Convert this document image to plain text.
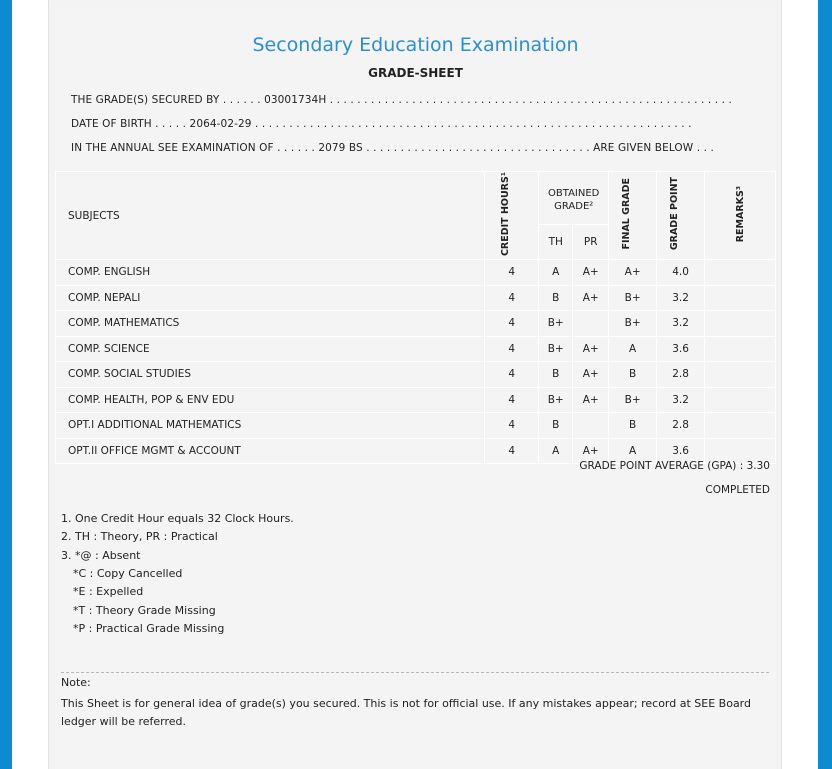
Secondary Education Examination
GRADE-SHEET
THE GRADE(S) SECURED BY . . . . . . 03001734H . . . . . . . . . . . . . . . . . . . . . . . . . . . . . . . . . . . . . . . . . . . . . . . . . . . . . . . . . . .
DATE OF BIRTH . . . . . 2064-02-29 . . . . . . . . . . . . . . . . . . . . . . . . . . . . . . . . . . . . . . . . . . . . . . . . . . . . . . . . . . . . . . . .
IN THE ANNUAL SEE EXAMINATION OF . . . . . . 2079 BS . . . . . . . . . . . . . . . . . . . . . . . . . . . . . . . . . ARE GIVEN BELOW . . .
SUBJECTS	CREDIT HOURS¹	OBTAINED GRADE²		FINAL GRADE	GRADE POINT	REMARKS³
		TH	PR			
COMP. ENGLISH	4	A	A+	A+	4.0	
COMP. NEPALI	4	B	A+	B+	3.2	
COMP. MATHEMATICS	4	B+		B+	3.2	
COMP. SCIENCE	4	B+	A+	A	3.6	
COMP. SOCIAL STUDIES	4	B	A+	B	2.8	
COMP. HEALTH, POP & ENV EDU	4	B+	A+	B+	3.2	
OPT.I ADDITIONAL MATHEMATICS	4	B		B	2.8	
OPT.II OFFICE MGMT & ACCOUNT	4	A	A+	A	3.6	
GRADE POINT AVERAGE (GPA) : 3.30
COMPLETED
1. One Credit Hour equals 32 Clock Hours.
2. TH : Theory, PR : Practical
3. *@ : Absent
*C : Copy Cancelled
*E : Expelled
*T : Theory Grade Missing
*P : Practical Grade Missing
Note:
This Sheet is for general idea of grade(s) you secured. This is not for official use. If any mistakes appear; record at SEE Board ledger will be referred.
